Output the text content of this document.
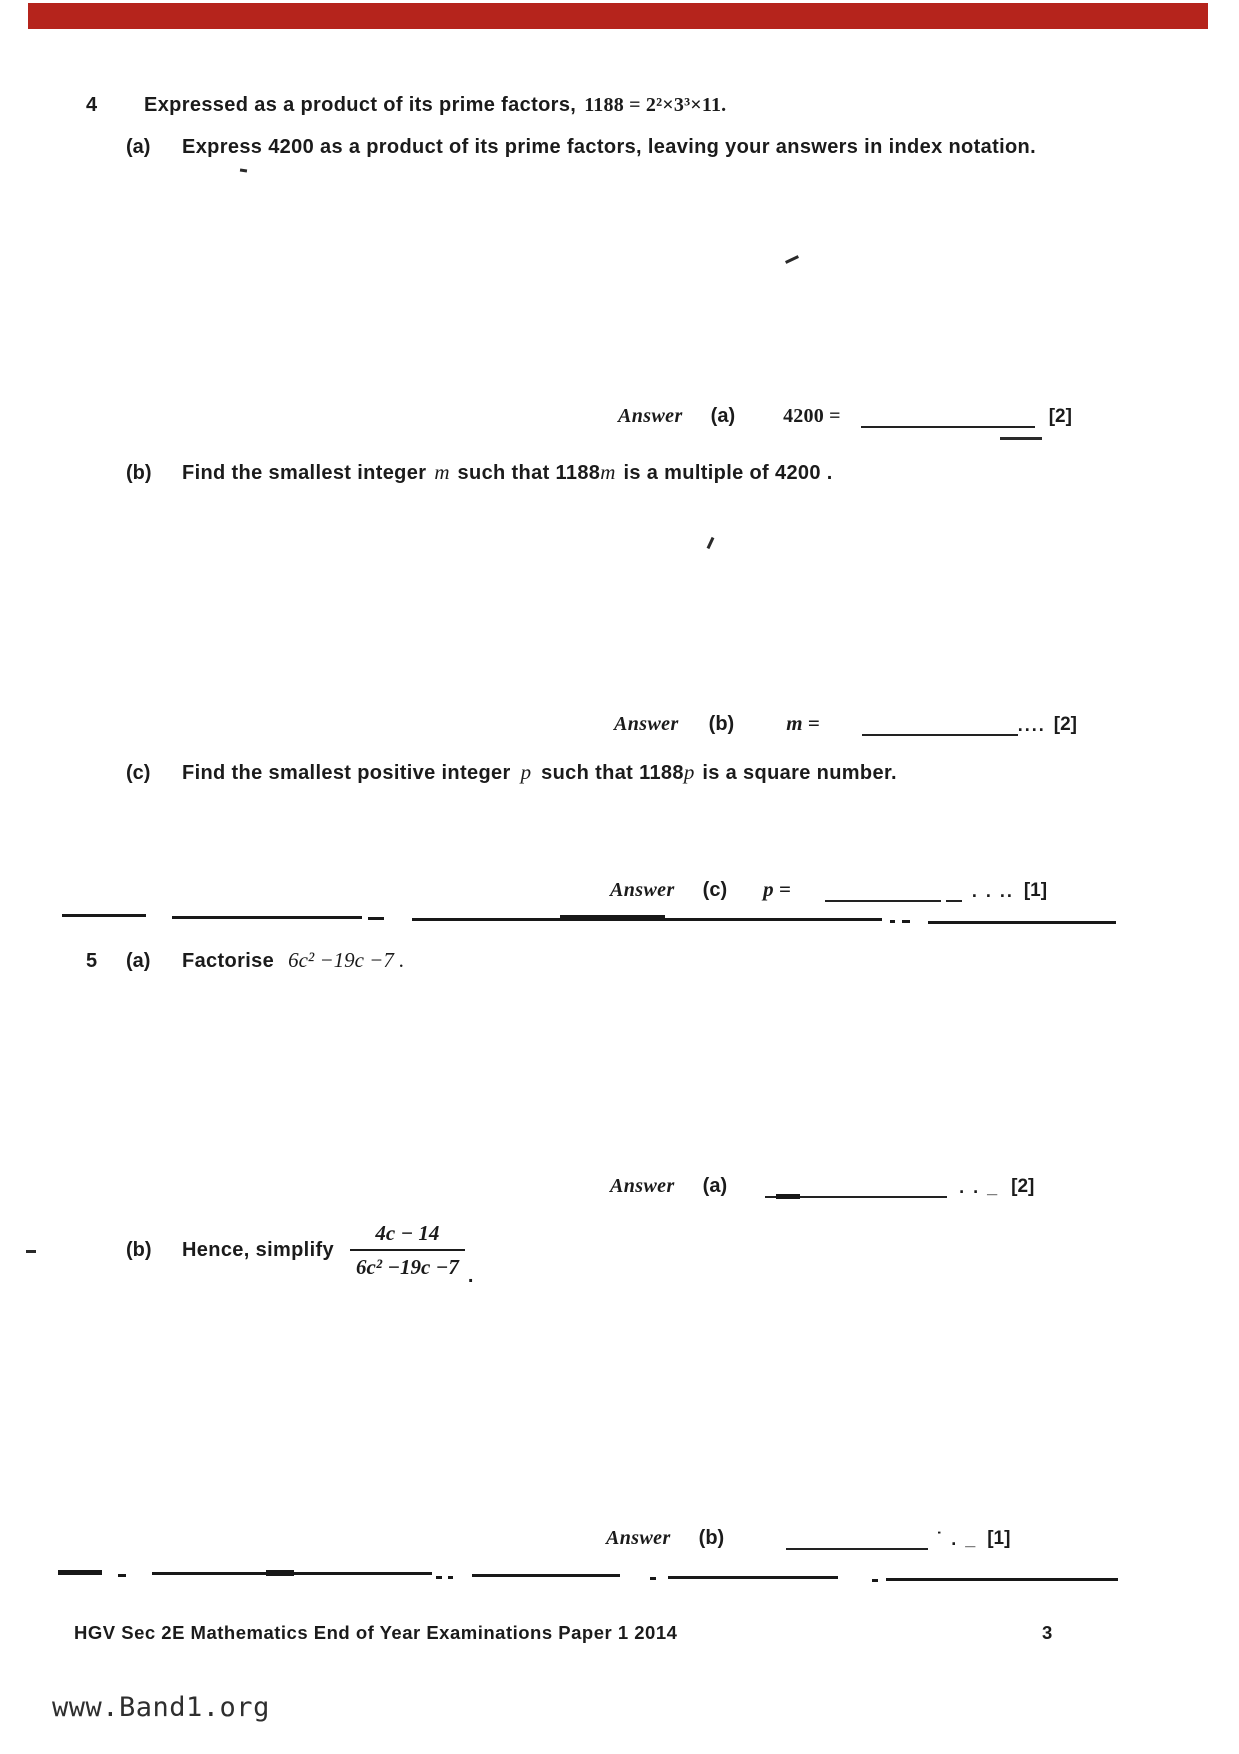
4	Expressed as a product of its prime factors, 1188 = 2²×3³×11.
(a)	Express 4200 as a product of its prime factors, leaving your answers in index notation.
Answer (a) 4200 =	[2]
(b)	Find the smallest integer m such that 1188 m is a multiple of 4200 .
Answer (b) m =	.... [2]
(c)	Find the smallest positive integer p such that 1188 p is a square number.
Answer (c) p =	. . .. [1]
5	(a)	Factorise 6c² −19c −7 .
Answer (a)	. . _ [2]
(b)	Hence, simplify $\frac{4c - 14}{\text{6c² −19c −7}}$ .
Answer (b)	˙ . _ [1]
HGV Sec 2E Mathematics End of Year Examinations Paper 1 2014	3
www.Band1.org
